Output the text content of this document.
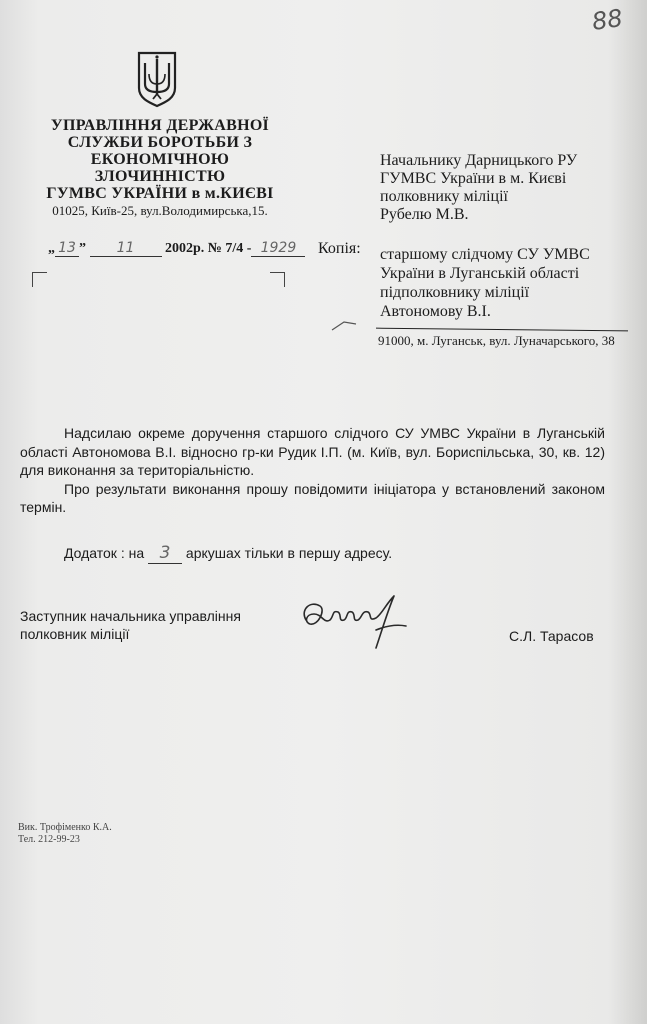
88
УПРАВЛІННЯ ДЕРЖАВНОЇ
СЛУЖБИ БОРОТЬБИ З
ЕКОНОМІЧНОЮ
ЗЛОЧИННІСТЮ
ГУМВС УКРАЇНИ в м.КИЄВІ
01025, Київ-25, вул.Володимирська,15.
Начальнику Дарницького РУ
ГУМВС України в м. Києві
полковнику міліції
Рубелю М.В.
„ 13 ” 11 2002р. № 7/4 - 1929	Копія: старшому слідчому СУ УМВС
України в Луганській області
підполковнику міліції
Автономову В.І.
91000, м. Луганськ, вул. Луначарського, 38

Надсилаю окреме доручення старшого слідчого СУ УМВС України в Луганській області Автономова В.І. відносно гр-ки Рудик І.П. (м. Київ, вул. Бориспільська, 30, кв. 12) для виконання за територіальністю.

Про результати виконання прошу повідомити ініціатора у встановлений законом термін.

Додаток : на 3 аркушах тільки в першу адресу.
Заступник начальника управління
полковник міліції	С.Л. Тарасов
Вик. Трофіменко К.А.
Тел. 212-99-23
